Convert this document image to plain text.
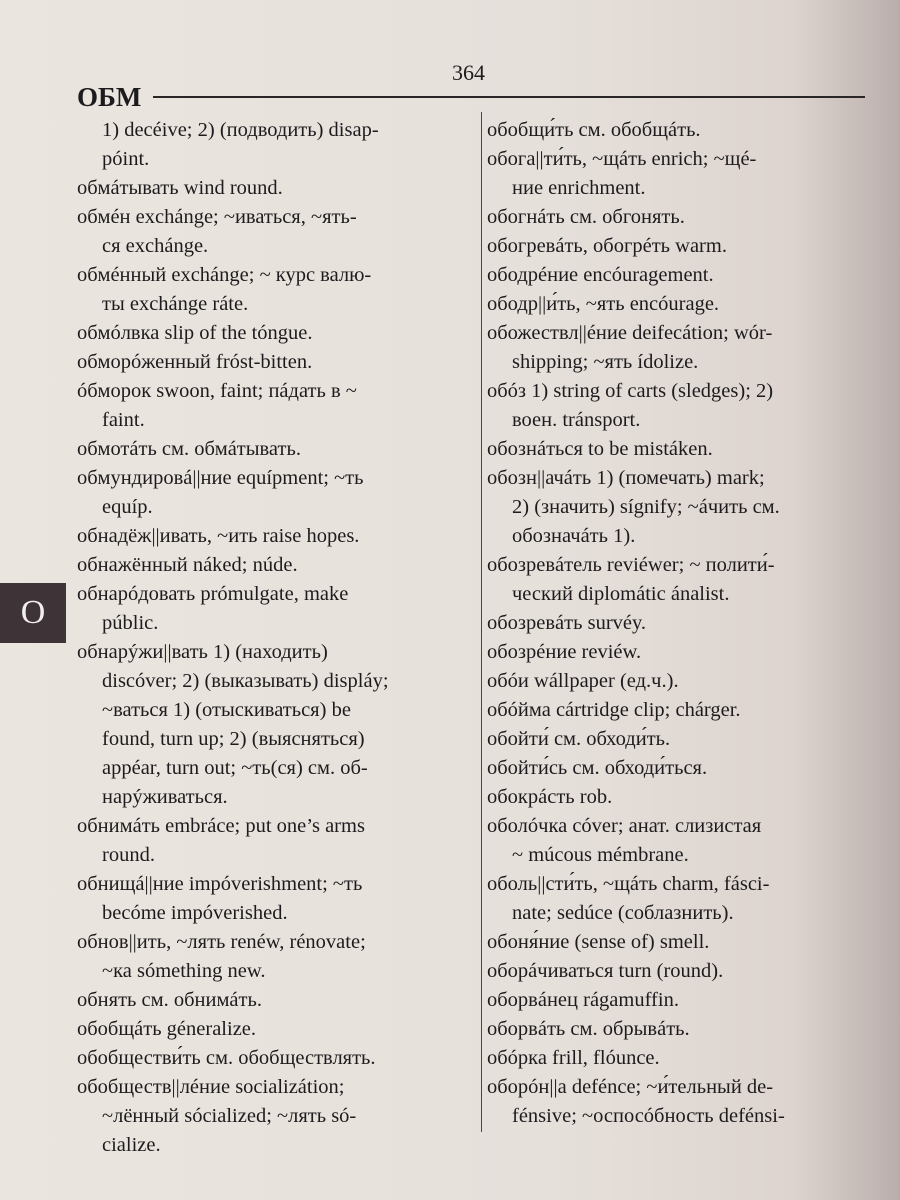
364
ОБМ
О
1) decéive; 2) (подводить) disap-
póint.
обмáтывать wind round.
обмéн exchánge; ~иваться, ~ять-
ся exchánge.
обмéнный exchánge; ~ курс валю-
ты exchánge ráte.
обмóлвка slip of the tóngue.
обморóженный fróst-bitten.
óбморок swoon, faint; пáдать в ~
faint.
обмотáть см. обмáтывать.
обмундировá||ние equípment; ~ть
equíp.
обнадёж||ивать, ~ить raise hopes.
обнажённый náked; núde.
обнарóдовать prómulgate, make
públic.
обнарýжи||вать 1) (находить)
discóver; 2) (выказывать) displáy;
~ваться 1) (отыскиваться) be
found, turn up; 2) (выясняться)
appéar, turn out; ~ть(ся) см. об-
нарýживаться.
обнимáть embráce; put one’s arms
round.
обнищá||ние impóverishment; ~ть
becóme impóverished.
обнов||ить, ~лять renéw, rénovate;
~ка sómething new.
обнять см. обнимáть.
обобщáть géneralize.
обобществи́ть см. обобществлять.
обобществ||лéние socializátion;
~лённый sócialized; ~лять só-
cialize.
обобщи́ть см. обобщáть.
обога||ти́ть, ~щáть enrich; ~щé-
ние enrichment.
обогнáть см. обгонять.
обогревáть, обогрéть warm.
ободрéние encóuragement.
ободр||и́ть, ~ять encóurage.
обожествл||éние deifecátion; wór-
shipping; ~ять ídolize.
обóз 1) string of carts (sledges); 2)
воен. tránsport.
обознáться to be mistáken.
обозн||ачáть 1) (помечать) mark;
2) (значить) sígnify; ~áчить см.
обозначáть 1).
обозревáтель reviéwer; ~ полити́-
ческий diplomátic ánalist.
обозревáть survéy.
обозрéние reviéw.
обóи wállpaper (ед.ч.).
обóйма cártridge clip; chárger.
обойти́ см. обходи́ть.
обойти́сь см. обходи́ться.
обокрáсть rob.
оболóчка cóver; анат. слизистая
~ múcous mémbrane.
оболь||сти́ть, ~щáть charm, fásci-
nate; sedúce (соблазнить).
обоня́ние (sense of) smell.
оборáчиваться turn (round).
оборвáнец rágamuffin.
оборвáть см. обрывáть.
обóрка frill, flóunce.
оборóн||а defénce; ~и́тельный de-
fénsive; ~оспосóбность defénsi-
